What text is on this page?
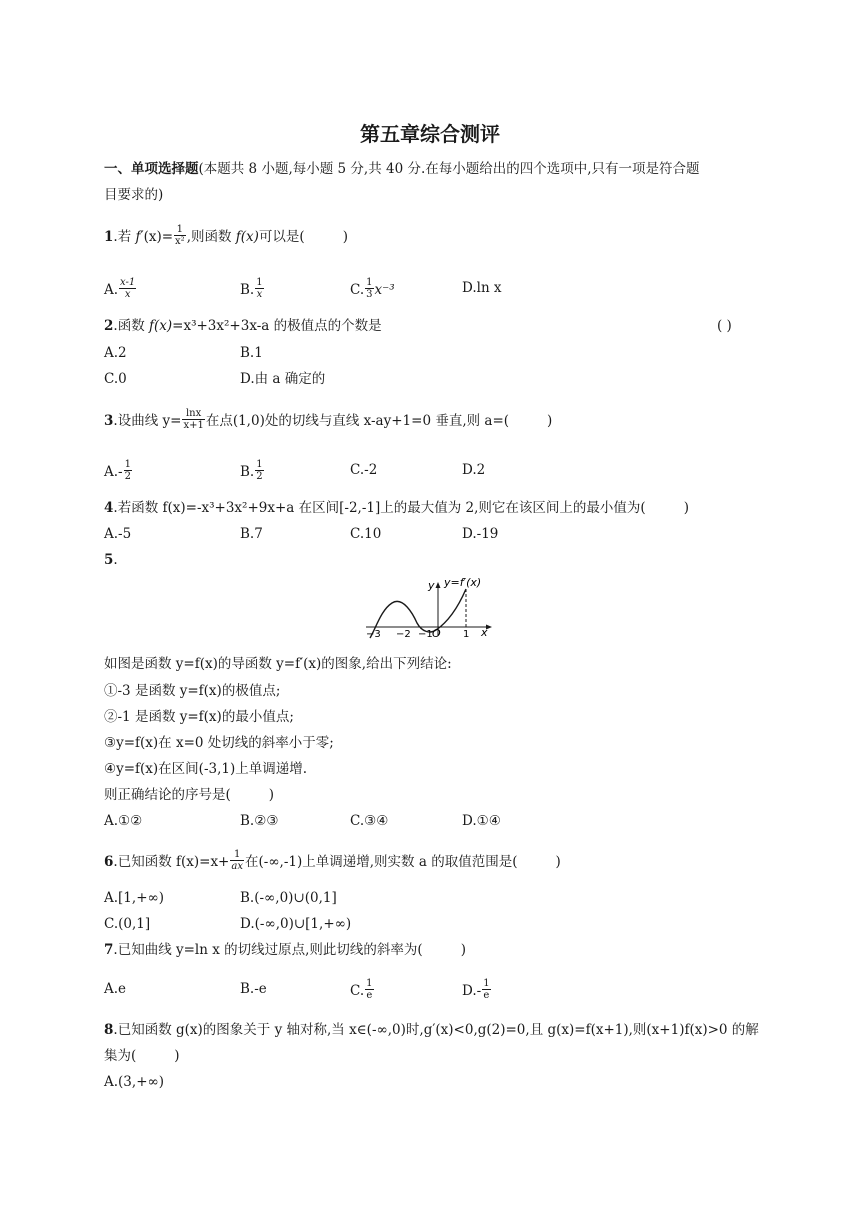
第五章综合测评
一、单项选择题(本题共 8 小题,每小题 5 分,共 40 分.在每小题给出的四个选项中,只有一项是符合题
目要求的)
1.若 $f'(x)= \frac{1}{\text{x²}}$ ,则函数 f(x)可以是(	)
A. $\frac{x-1}{x}$	B. $\frac{1}{x}$	C. $\frac{1}{3} x^{-3}$	D.ln x
2.函数 f(x)=x³+3x²+3x-a 的极值点的个数是	( )
A.2	B.1
C.0	D.由 a 确定的
3.设曲线 $y= \frac{\ln x}{x+1}$ 在点(1,0)处的切线与直线 x-ay+1=0 垂直,则 a=(	)
$A.- \frac{1}{2}$	B. $\frac{1}{2}$	C.-2	D.2
4.若函数 f(x)=-x³+3x²+9x+a 在区间[-2,-1]上的最大值为 2,则它在该区间上的最小值为(	)
A.-5	B.7	C.10	D.-19
5.
y y=f′(x)
x
−3 −2 −1 O 1
如图是函数 y=f(x)的导函数 y=f′(x)的图象,给出下列结论:
①-3 是函数 y=f(x)的极值点;
②-1 是函数 y=f(x)的最小值点;
③y=f(x)在 x=0 处切线的斜率小于零;
④y=f(x)在区间(-3,1)上单调递增.
则正确结论的序号是(	)
A.①②	B.②③	C.③④	D.①④
6.已知函数 $f(x)=x+ \frac{1}{ax}$ 在(-∞,-1)上单调递增,则实数 a 的取值范围是(	)
A.[1,+∞)	B.(-∞,0)∪(0,1]
C.(0,1]	D.(-∞,0)∪[1,+∞)
7.已知曲线 y=ln x 的切线过原点,则此切线的斜率为(	)
A.e	B.-e	C. $\frac{1}{e}$	$D.- \frac{1}{e}$
8.已知函数 g(x)的图象关于 y 轴对称,当 x∈(-∞,0)时,g′(x)<0,g(2)=0,且 g(x)=f(x+1),则(x+1)f(x)>0 的解
集为(	)
A.(3,+∞)
